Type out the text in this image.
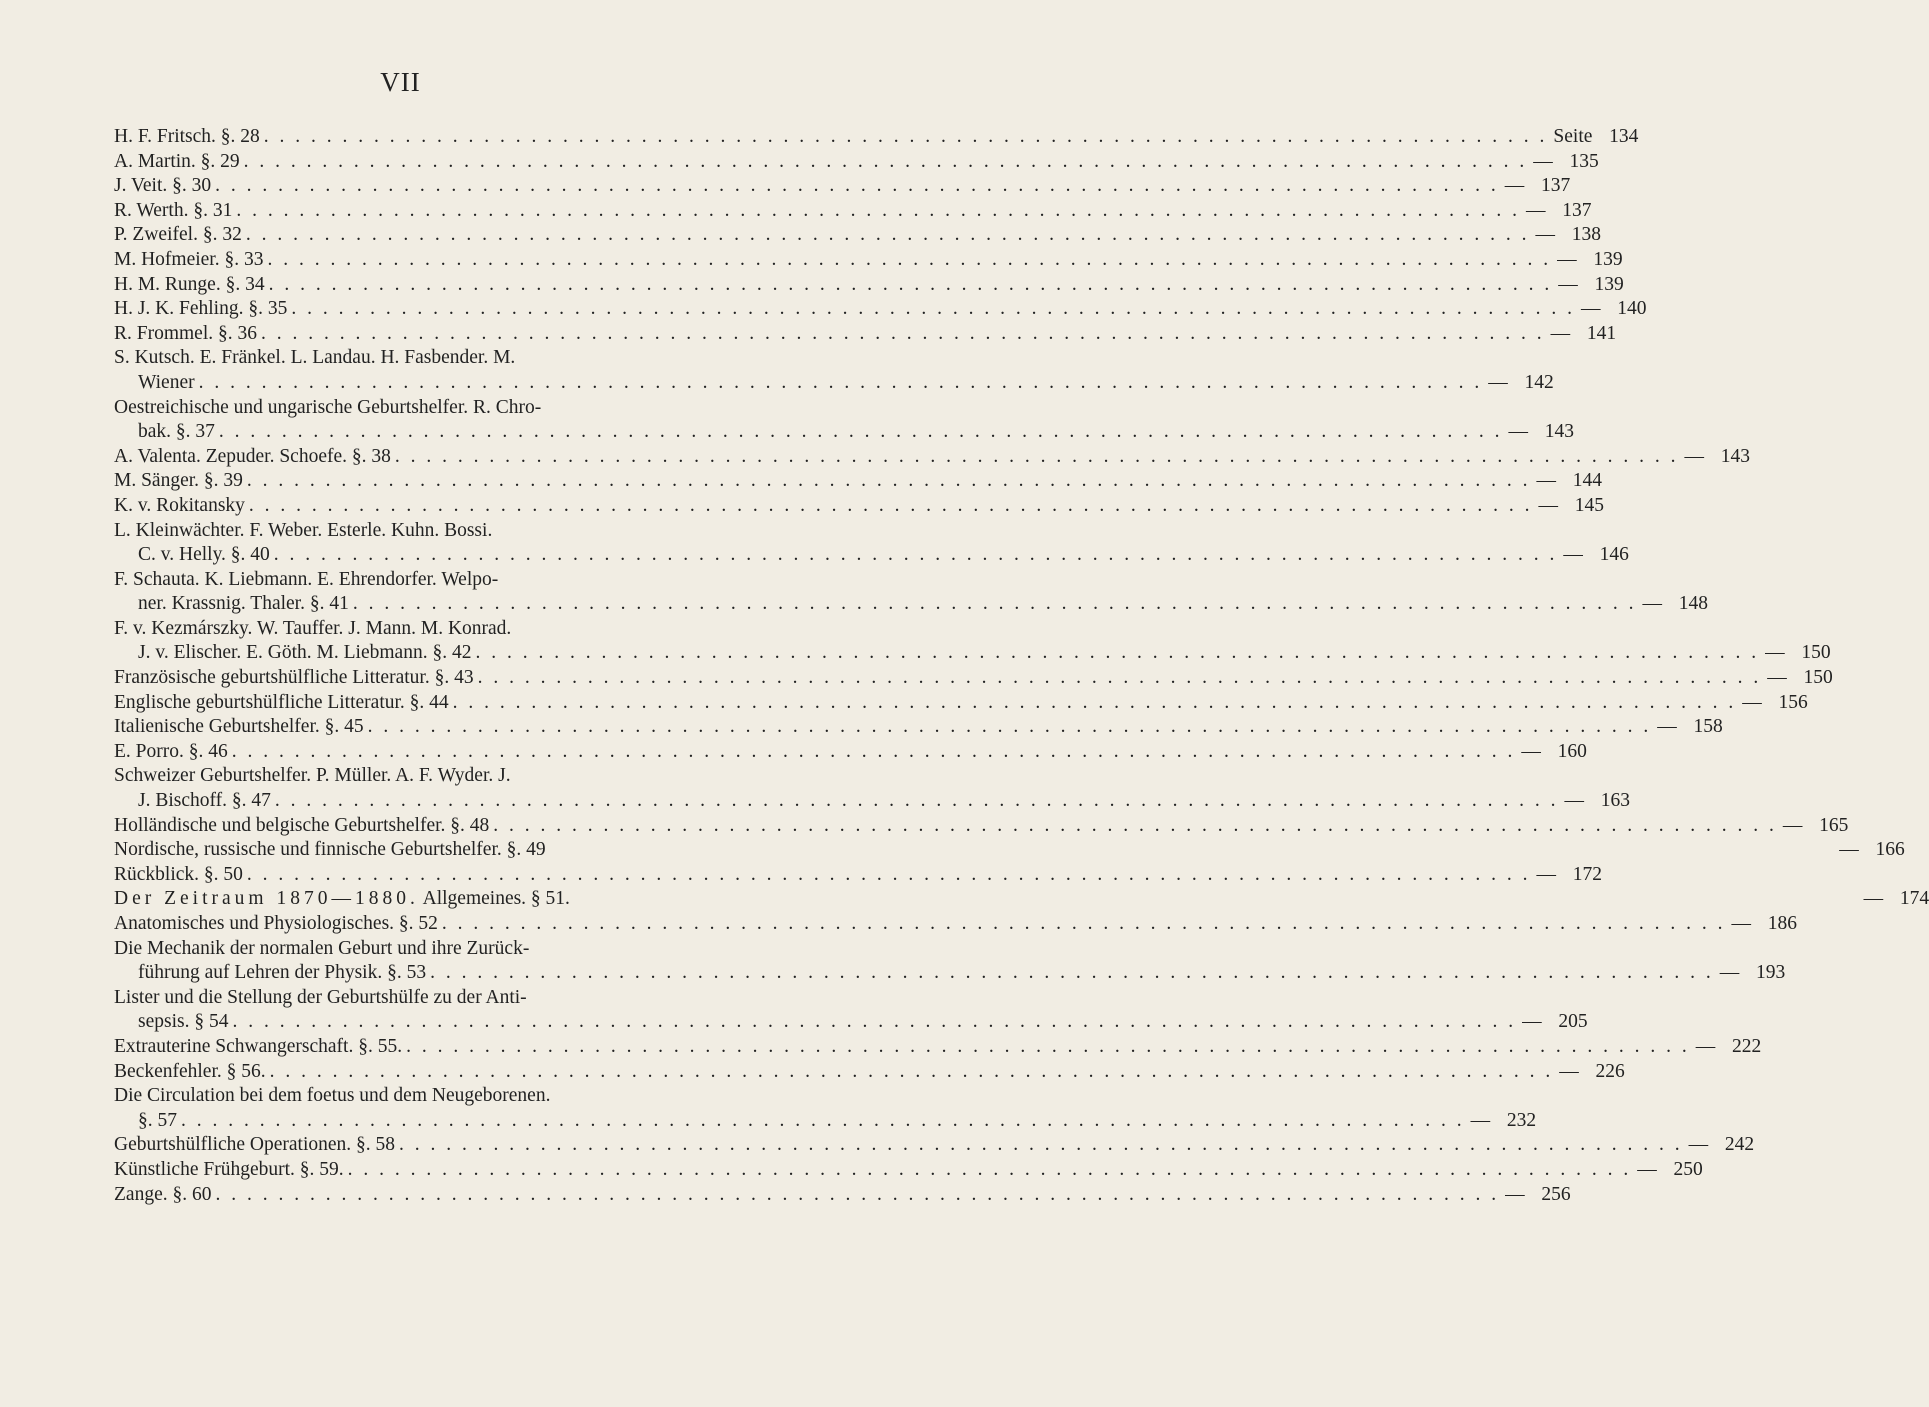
VII
H. F. Fritsch. §. 28 . . .	Seite 134
A. Martin. §. 29 . . .	— 135
J. Veit. §. 30 . . .	— 137
R. Werth. §. 31 . . .	— 137
P. Zweifel. §. 32 . . .	— 138
M. Hofmeier. §. 33 . . .	— 139
H. M. Runge. §. 34 . . .	— 139
H. J. K. Fehling. §. 35 . . .	— 140
R. Frommel. §. 36 . . .	— 141
S. Kutsch. E. Fränkel. L. Landau. H. Fasbender. M.
Wiener . . .	— 142
Oestreichische und ungarische Geburtshelfer. R. Chro-
bak. §. 37 . . .	— 143
A. Valenta. Zepuder. Schoefe. §. 38 . . .	— 143
M. Sänger. §. 39 . . .	— 144
K. v. Rokitansky . . .	— 145
L. Kleinwächter. F. Weber. Esterle. Kuhn. Bossi.
C. v. Helly. §. 40 . . .	— 146
F. Schauta. K. Liebmann. E. Ehrendorfer. Welpo-
ner. Krassnig. Thaler. §. 41 . . .	— 148
F. v. Kezmárszky. W. Tauffer. J. Mann. M. Konrad.
J. v. Elischer. E. Göth. M. Liebmann. §. 42 . . .	— 150
Französische geburtshülfliche Litteratur. §. 43 . . .	— 150
Englische geburtshülfliche Litteratur. §. 44 . . .	— 156
Italienische Geburtshelfer. §. 45 . . .	— 158
E. Porro. §. 46 . . .	— 160
Schweizer Geburtshelfer. P. Müller. A. F. Wyder. J.
J. Bischoff. §. 47 . . .	— 163
Holländische und belgische Geburtshelfer. §. 48 . . .	— 165
Nordische, russische und finnische Geburtshelfer. §. 49	— 166
Rückblick. §. 50 . . .	— 172
Der Zeitraum 1870—1880. Allgemeines. § 51.	— 174
Anatomisches und Physiologisches. §. 52 . . .	— 186
Die Mechanik der normalen Geburt und ihre Zurück-
führung auf Lehren der Physik. §. 53 . . .	— 193
Lister und die Stellung der Geburtshülfe zu der Anti-
sepsis. § 54 . . .	— 205
Extrauterine Schwangerschaft. §. 55. . . .	— 222
Beckenfehler. § 56. . . .	— 226
Die Circulation bei dem foetus und dem Neugeborenen.
§. 57 . . .	— 232
Geburtshülfliche Operationen. §. 58 . . .	— 242
Künstliche Frühgeburt. §. 59. . . .	— 250
Zange. §. 60 . . .	— 256
